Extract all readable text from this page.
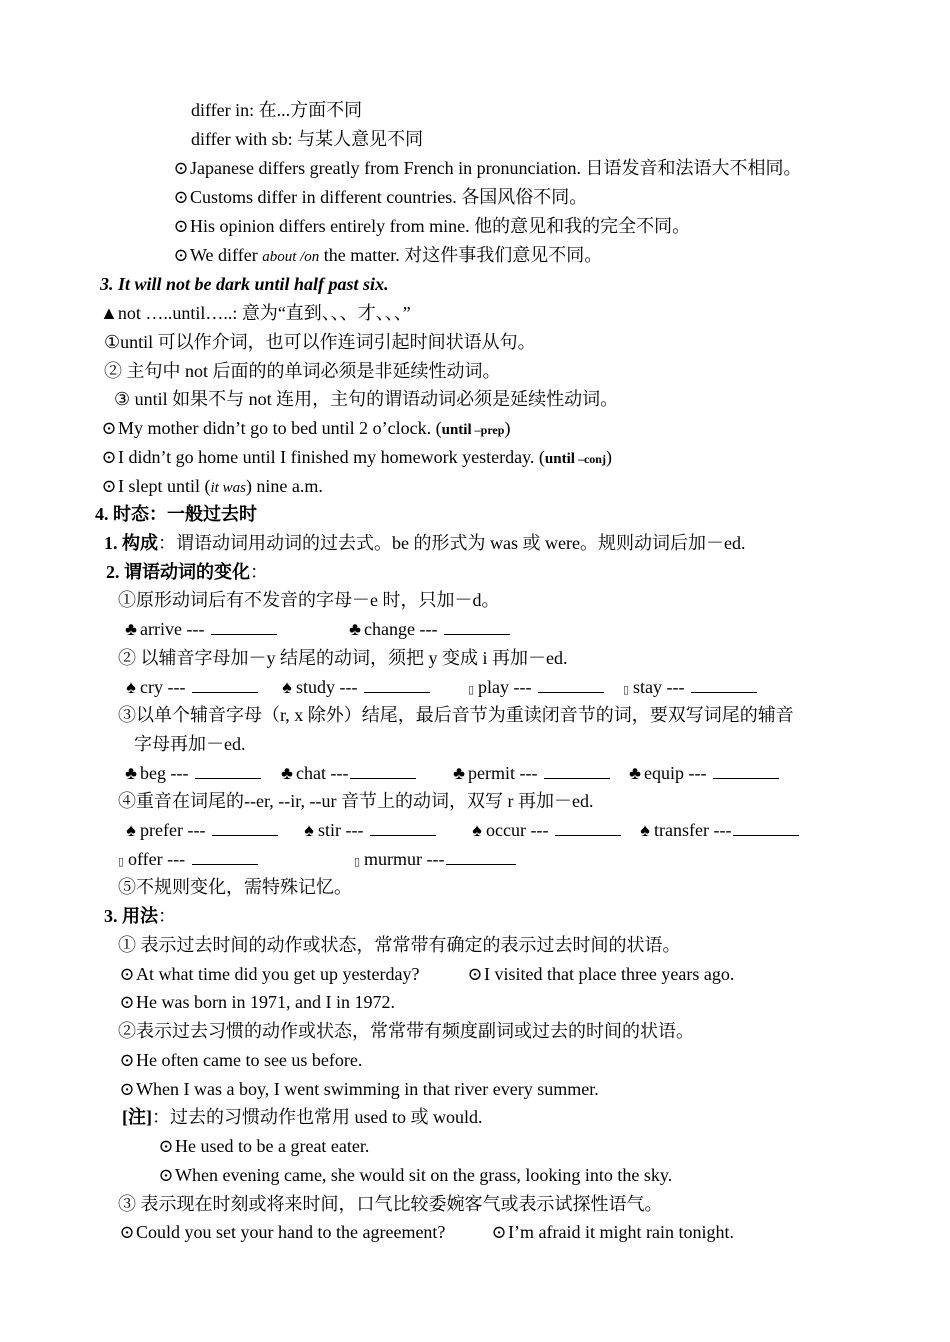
differ in: 在...方面不同
differ with sb: 与某人意见不同
⊙Japanese differs greatly from French in pronunciation. 日语发音和法语大不相同。
⊙Customs differ in different countries. 各国风俗不同。
⊙His opinion differs entirely from mine. 他的意见和我的完全不同。
⊙We differ about /on the matter. 对这件事我们意见不同。
3. It will not be dark until half past six.
▲not …..until…..: 意为“直到、、、才、、、”
①until 可以作介词，也可以作连词引起时间状语从句。
② 主句中 not 后面的的单词必须是非延续性动词。
③ until 如果不与 not 连用，主句的谓语动词必须是延续性动词。
⊙My mother didn’t go to bed until 2 o’clock. (until –prep)
⊙I didn’t go home until I finished my homework yesterday. (until –conj)
⊙I slept until (it was) nine a.m.
4. 时态：一般过去时
1. 构成：谓语动词用动词的过去式。be 的形式为 was 或 were。规则动词后加－ed.
2. 谓语动词的变化：
①原形动词后有不发音的字母－e 时，只加－d。
♣ arrive ---	♣ change ---
② 以辅音字母加－y 结尾的动词，须把 y 变成 i 再加－ed.
♠ cry ---	♠ study ---	▯ play ---	▯ stay ---
③以单个辅音字母（r, x 除外）结尾，最后音节为重读闭音节的词，要双写词尾的辅音
字母再加－ed.
♣ beg ---	♣ chat ---	♣ permit ---	♣ equip ---
④重音在词尾的--er, --ir, --ur 音节上的动词，双写 r 再加－ed.
♠ prefer ---	♠ stir ---	♠ occur ---	♠ transfer ---
▯ offer ---	▯ murmur ---
⑤不规则变化，需特殊记忆。
3. 用法：
① 表示过去时间的动作或状态，常常带有确定的表示过去时间的状语。
⊙At what time did you get up yesterday?	⊙I visited that place three years ago.
⊙He was born in 1971, and I in 1972.
②表示过去习惯的动作或状态，常常带有频度副词或过去的时间的状语。
⊙He often came to see us before.
⊙When I was a boy, I went swimming in that river every summer.
[注]：过去的习惯动作也常用 used to 或 would.
⊙He used to be a great eater.
⊙When evening came, she would sit on the grass, looking into the sky.
③ 表示现在时刻或将来时间，口气比较委婉客气或表示试探性语气。
⊙Could you set your hand to the agreement?	⊙I’m afraid it might rain tonight.
